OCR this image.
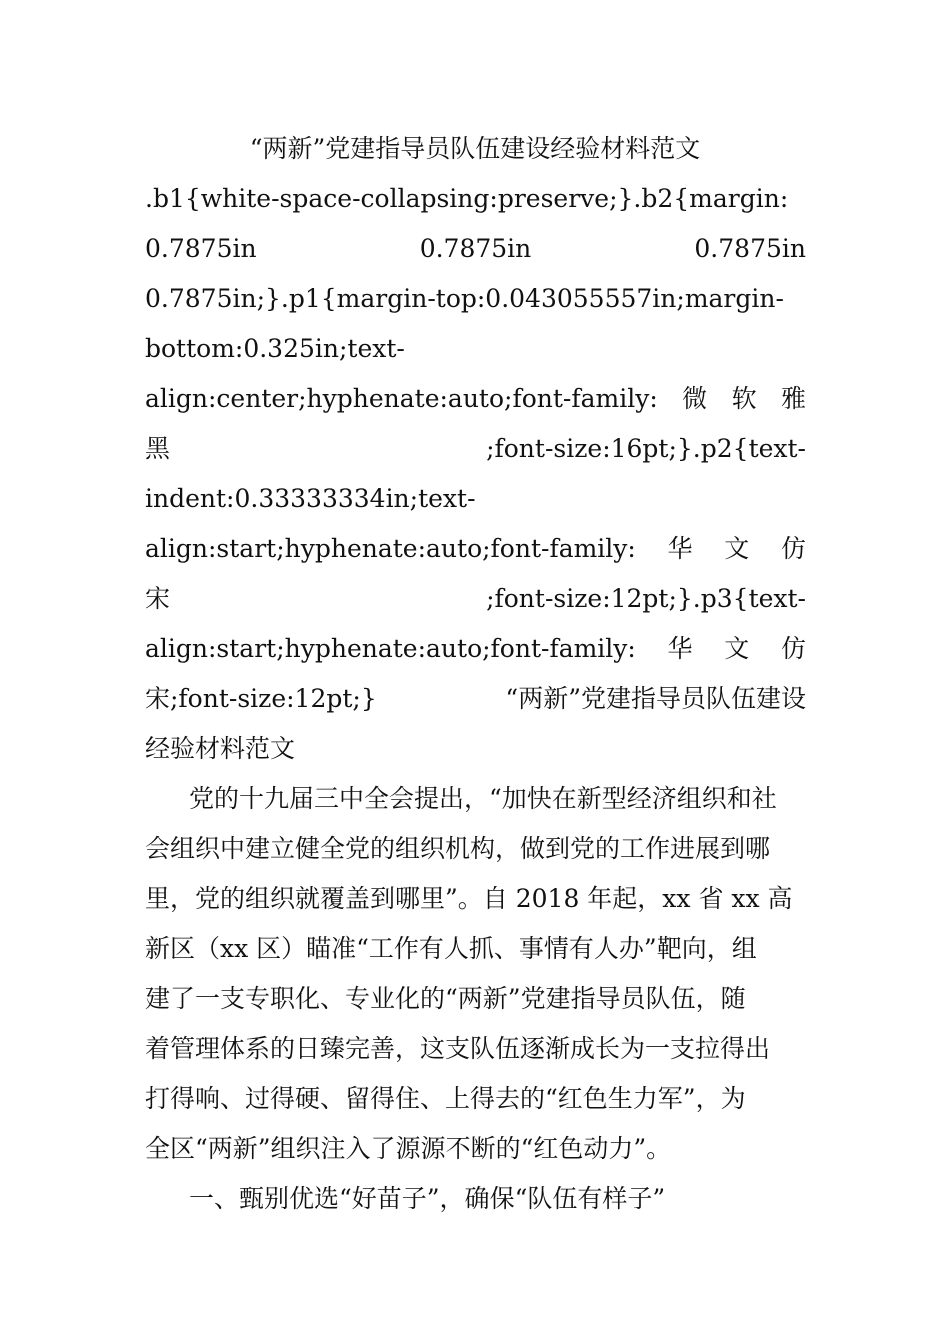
“两新”党建指导员队伍建设经验材料范文
.b1{white-space-collapsing:preserve;}.b2{margin:
0.7875in	0.7875in	0.7875in
0.7875in;}.p1{margin-top:0.043055557in;margin-
bottom:0.325in;text-
align:center;hyphenate:auto;font-family: 微 软 雅
黑	;font-size:16pt;}.p2{text-
indent:0.33333334in;text-
align:start;hyphenate:auto;font-family: 华 文 仿
宋	;font-size:12pt;}.p3{text-
align:start;hyphenate:auto;font-family: 华 文 仿
宋;font-size:12pt;}	“两新”党建指导员队伍建设
经验材料范文
党的十九届三中全会提出，“加快在新型经济组织和社
会组织中建立健全党的组织机构，做到党的工作进展到哪
里，党的组织就覆盖到哪里”。自 2018 年起，xx 省 xx 高
新区（xx 区）瞄准“工作有人抓、事情有人办”靶向，组
建了一支专职化、专业化的“两新”党建指导员队伍，随
着管理体系的日臻完善，这支队伍逐渐成长为一支拉得出
打得响、过得硬、留得住、上得去的“红色生力军”，为
全区“两新”组织注入了源源不断的“红色动力”。
一、甄别优选“好苗子”，确保“队伍有样子”
